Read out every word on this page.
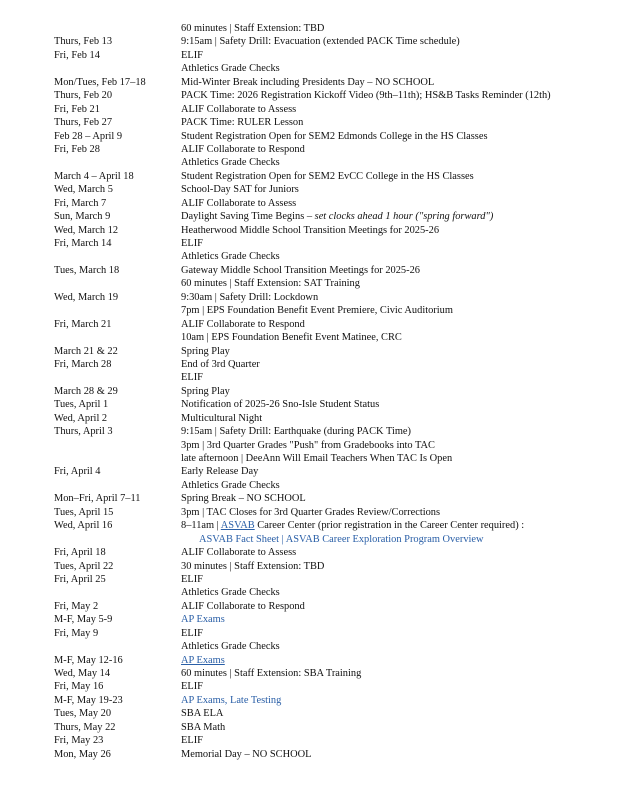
60 minutes | Staff Extension: TBD
Thurs, Feb 13	9:15am | Safety Drill: Evacuation (extended PACK Time schedule)
Fri, Feb 14	ELIF
Athletics Grade Checks
Mon/Tues, Feb 17–18	Mid-Winter Break including Presidents Day – NO SCHOOL
Thurs, Feb 20	PACK Time: 2026 Registration Kickoff Video (9th–11th); HS&B Tasks Reminder (12th)
Fri, Feb 21	ALIF Collaborate to Assess
Thurs, Feb 27	PACK Time: RULER Lesson
Feb 28 – April 9	Student Registration Open for SEM2 Edmonds College in the HS Classes
Fri, Feb 28	ALIF Collaborate to Respond
Athletics Grade Checks
March 4 – April 18	Student Registration Open for SEM2 EvCC College in the HS Classes
Wed, March 5	School-Day SAT for Juniors
Fri, March 7	ALIF Collaborate to Assess
Sun, March 9	Daylight Saving Time Begins – set clocks ahead 1 hour ("spring forward")
Wed, March 12	Heatherwood Middle School Transition Meetings for 2025-26
Fri, March 14	ELIF
Athletics Grade Checks
Tues, March 18	Gateway Middle School Transition Meetings for 2025-26
60 minutes | Staff Extension: SAT Training
Wed, March 19	9:30am | Safety Drill: Lockdown
7pm | EPS Foundation Benefit Event Premiere, Civic Auditorium
Fri, March 21	ALIF Collaborate to Respond
10am | EPS Foundation Benefit Event Matinee, CRC
March 21 & 22	Spring Play
Fri, March 28	End of 3rd Quarter
ELIF
March 28 & 29	Spring Play
Tues, April 1	Notification of 2025-26 Sno-Isle Student Status
Wed, April 2	Multicultural Night
Thurs, April 3	9:15am | Safety Drill: Earthquake (during PACK Time)
3pm | 3rd Quarter Grades "Push" from Gradebooks into TAC
late afternoon | DeeAnn Will Email Teachers When TAC Is Open
Fri, April 4	Early Release Day
Athletics Grade Checks
Mon–Fri, April 7–11	Spring Break – NO SCHOOL
Tues, April 15	3pm | TAC Closes for 3rd Quarter Grades Review/Corrections
Wed, April 16	8–11am | ASVAB Career Center (prior registration in the Career Center required) :
ASVAB Fact Sheet | ASVAB Career Exploration Program Overview
Fri, April 18	ALIF Collaborate to Assess
Tues, April 22	30 minutes | Staff Extension: TBD
Fri, April 25	ELIF
Athletics Grade Checks
Fri, May 2	ALIF Collaborate to Respond
M-F, May 5-9	AP Exams
Fri, May 9	ELIF
Athletics Grade Checks
M-F, May 12-16	AP Exams
Wed, May 14	60 minutes | Staff Extension: SBA Training
Fri, May 16	ELIF
M-F, May 19-23	AP Exams, Late Testing
Tues, May 20	SBA ELA
Thurs, May 22	SBA Math
Fri, May 23	ELIF
Mon, May 26	Memorial Day – NO SCHOOL
